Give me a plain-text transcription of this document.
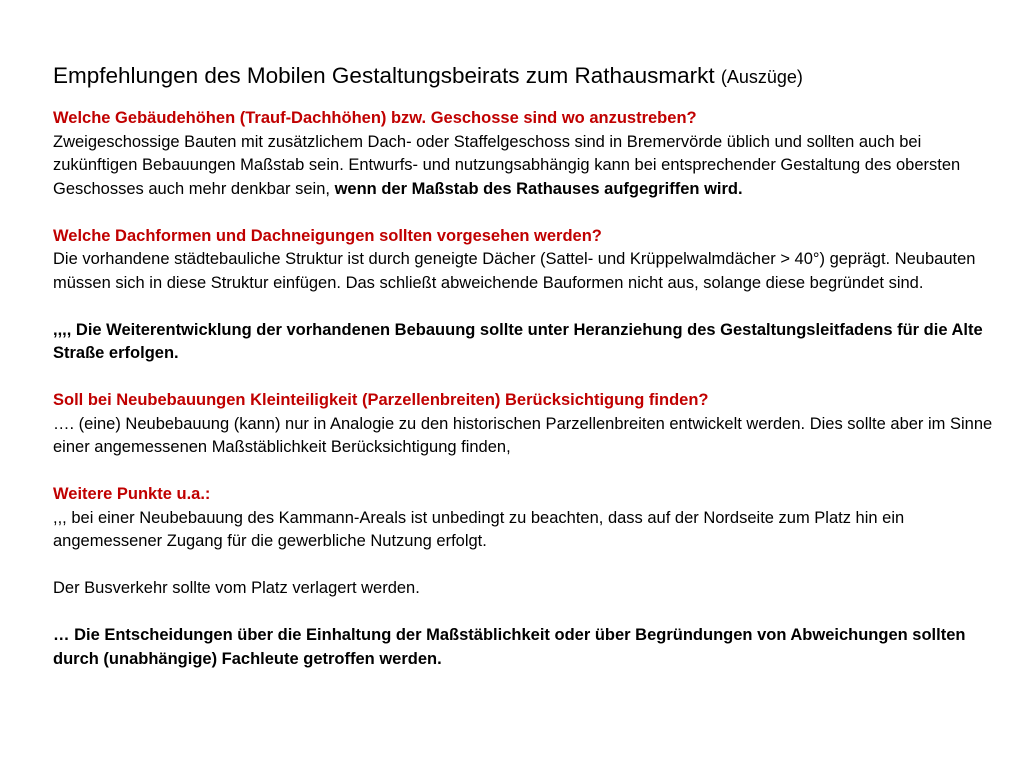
Empfehlungen des Mobilen Gestaltungsbeirats zum Rathausmarkt (Auszüge)
Welche Gebäudehöhen (Trauf-Dachhöhen) bzw. Geschosse sind wo anzustreben?

Zweigeschossige Bauten mit zusätzlichem Dach- oder Staffelgeschoss sind in Bremervörde üblich und sollten auch bei zukünftigen Bebauungen Maßstab sein. Entwurfs- und nutzungsabhängig kann bei entsprechender Gestaltung des obersten Geschosses auch mehr denkbar sein, wenn der Maßstab des Rathauses aufgegriffen wird.

Welche Dachformen und Dachneigungen sollten vorgesehen werden?

Die vorhandene städtebauliche Struktur ist durch geneigte Dächer (Sattel- und Krüppelwalmdächer > 40°) geprägt. Neubauten müssen sich in diese Struktur einfügen. Das schließt abweichende Bauformen nicht aus, solange diese begründet sind.

,,,, Die Weiterentwicklung der vorhandenen Bebauung sollte unter Heranziehung des Gestaltungsleitfadens für die Alte Straße erfolgen.

Soll bei Neubebauungen Kleinteiligkeit (Parzellenbreiten) Berücksichtigung finden?

…. (eine) Neubebauung (kann) nur in Analogie zu den historischen Parzellenbreiten entwickelt werden. Dies sollte aber im Sinne einer angemessenen Maßstäblichkeit Berücksichtigung finden,

Weitere Punkte u.a.:

,,, bei einer Neubebauung des Kammann-Areals ist unbedingt zu beachten, dass auf der Nordseite zum Platz hin ein angemessener Zugang für die gewerbliche Nutzung erfolgt.

Der Busverkehr sollte vom Platz verlagert werden.

… Die Entscheidungen über die Einhaltung der Maßstäblichkeit oder über Begründungen von Abweichungen sollten durch (unabhängige) Fachleute getroffen werden.
